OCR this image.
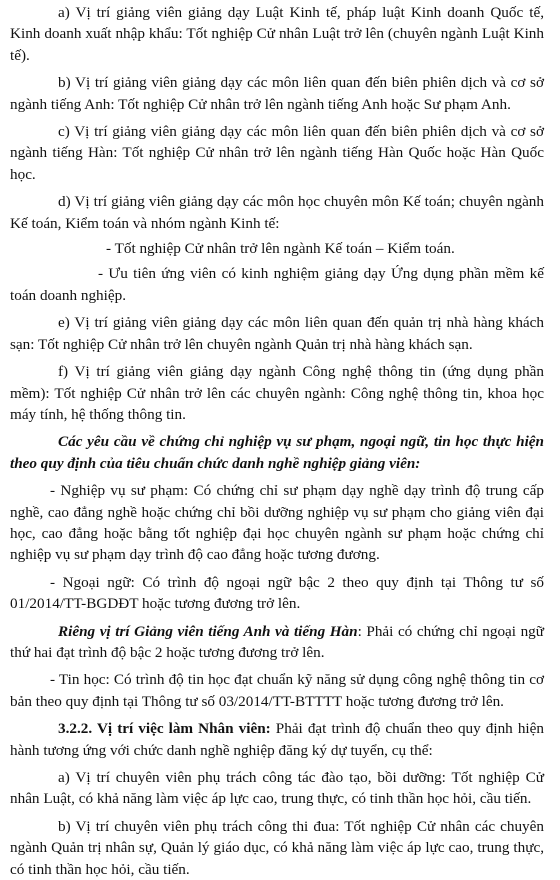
a) Vị trí giảng viên giảng dạy Luật Kinh tế, pháp luật Kinh doanh Quốc tế, Kinh doanh xuất nhập khẩu: Tốt nghiệp Cử nhân Luật trở lên (chuyên ngành Luật Kinh tế).

b) Vị trí giảng viên giảng dạy các môn liên quan đến biên phiên dịch và cơ sở ngành tiếng Anh: Tốt nghiệp Cử nhân trở lên ngành tiếng Anh hoặc Sư phạm Anh.

c) Vị trí giảng viên giảng dạy các môn liên quan đến biên phiên dịch và cơ sở ngành tiếng Hàn: Tốt nghiệp Cử nhân trở lên ngành tiếng Hàn Quốc hoặc Hàn Quốc học.

d) Vị trí giảng viên giảng dạy các môn học chuyên môn Kế toán; chuyên ngành Kế toán, Kiểm toán và nhóm ngành Kinh tế:

- Tốt nghiệp Cử nhân trở lên ngành Kế toán – Kiểm toán.

- Ưu tiên ứng viên có kinh nghiệm giảng dạy Ứng dụng phần mềm kế toán doanh nghiệp.

e) Vị trí giảng viên giảng dạy các môn liên quan đến quản trị nhà hàng khách sạn: Tốt nghiệp Cử nhân trở lên chuyên ngành Quản trị nhà hàng khách sạn.

f) Vị trí giảng viên giảng dạy ngành Công nghệ thông tin (ứng dụng phần mềm): Tốt nghiệp Cử nhân trở lên các chuyên ngành: Công nghệ thông tin, khoa học máy tính, hệ thống thông tin.

Các yêu cầu về chứng chỉ nghiệp vụ sư phạm, ngoại ngữ, tin học thực hiện theo quy định của tiêu chuẩn chức danh nghề nghiệp giảng viên:

- Nghiệp vụ sư phạm: Có chứng chỉ sư phạm dạy nghề dạy trình độ trung cấp nghề, cao đẳng nghề hoặc chứng chỉ bồi dưỡng nghiệp vụ sư phạm cho giảng viên đại học, cao đẳng hoặc bằng tốt nghiệp đại học chuyên ngành sư phạm hoặc chứng chỉ nghiệp vụ sư phạm dạy trình độ cao đẳng hoặc tương đương.

- Ngoại ngữ: Có trình độ ngoại ngữ bậc 2 theo quy định tại Thông tư số 01/2014/TT-BGDĐT hoặc tương đương trở lên.

Riêng vị trí Giảng viên tiếng Anh và tiếng Hàn: Phải có chứng chỉ ngoại ngữ thứ hai đạt trình độ bậc 2 hoặc tương đương trở lên.

- Tin học: Có trình độ tin học đạt chuẩn kỹ năng sử dụng công nghệ thông tin cơ bản theo quy định tại Thông tư số 03/2014/TT-BTTTT hoặc tương đương trở lên.

3.2.2. Vị trí việc làm Nhân viên: Phải đạt trình độ chuẩn theo quy định hiện hành tương ứng với chức danh nghề nghiệp đăng ký dự tuyển, cụ thể:

a) Vị trí chuyên viên phụ trách công tác đào tạo, bồi dưỡng: Tốt nghiệp Cử nhân Luật, có khả năng làm việc áp lực cao, trung thực, có tinh thần học hỏi, cầu tiến.

b) Vị trí chuyên viên phụ trách công thi đua: Tốt nghiệp Cử nhân các chuyên ngành Quản trị nhân sự, Quản lý giáo dục, có khả năng làm việc áp lực cao, trung thực, có tinh thần học hỏi, cầu tiến.
